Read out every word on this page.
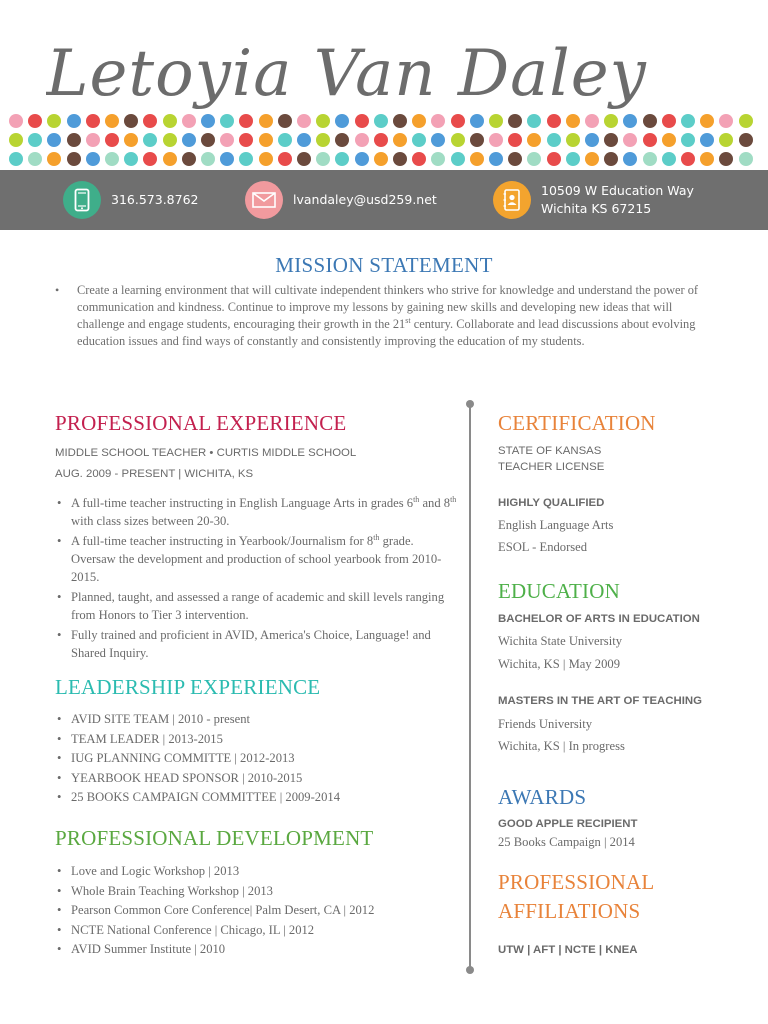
Letoyia Van Daley
316.573.8762	lvandaley@usd259.net
10509 W Education Way
Wichita KS 67215
MISSION STATEMENT
•	Create a learning environment that will cultivate independent thinkers who strive for knowledge and understand the power of communication and kindness. Continue to improve my lessons by gaining new skills and developing new ideas that will challenge and engage students, encouraging their growth in the 21st century. Collaborate and lead discussions about evolving education issues and find ways of constantly and consistently improving the education of my students.
PROFESSIONAL EXPERIENCE
MIDDLE SCHOOL TEACHER • CURTIS MIDDLE SCHOOL
AUG. 2009 - PRESENT | WICHITA, KS
• A full-time teacher instructing in English Language Arts in grades 6th and 8th with class sizes between 20-30.
• A full-time teacher instructing in Yearbook/Journalism for 8th grade. Oversaw the development and production of school yearbook from 2010-2015.
• Planned, taught, and assessed a range of academic and skill levels ranging from Honors to Tier 3 intervention.
• Fully trained and proficient in AVID, America's Choice, Language! and Shared Inquiry.
LEADERSHIP EXPERIENCE
• AVID SITE TEAM | 2010 - present
• TEAM LEADER | 2013-2015
• IUG PLANNING COMMITTE | 2012-2013
• YEARBOOK HEAD SPONSOR | 2010-2015
• 25 BOOKS CAMPAIGN COMMITTEE | 2009-2014
PROFESSIONAL DEVELOPMENT
• Love and Logic Workshop | 2013
• Whole Brain Teaching Workshop | 2013
• Pearson Common Core Conference| Palm Desert, CA | 2012
• NCTE National Conference | Chicago, IL | 2012
• AVID Summer Institute | 2010
CERTIFICATION
STATE OF KANSAS
TEACHER LICENSE
HIGHLY QUALIFIED
English Language Arts
ESOL - Endorsed
EDUCATION
BACHELOR OF ARTS IN EDUCATION
Wichita State University
Wichita, KS | May 2009
MASTERS IN THE ART OF TEACHING
Friends University
Wichita, KS | In progress
AWARDS
GOOD APPLE RECIPIENT
25 Books Campaign | 2014
PROFESSIONAL
AFFILIATIONS
UTW | AFT | NCTE | KNEA
